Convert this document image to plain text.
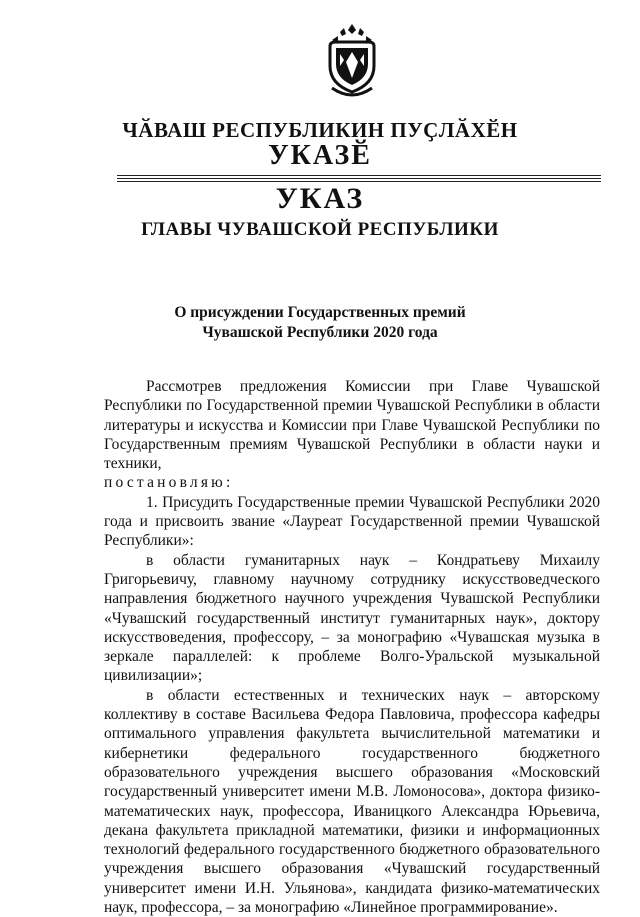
ЧӐВАШ РЕСПУБЛИКИН ПУҪЛӐХӖН
УКАЗӖ
УКАЗ
ГЛАВЫ ЧУВАШСКОЙ РЕСПУБЛИКИ
О присуждении Государственных премий
Чувашской Республики 2020 года

Рассмотрев предложения Комиссии при Главе Чувашской Республики по Государственной премии Чувашской Республики в области литературы и искусства и Комиссии при Главе Чувашской Республики по Государственным премиям Чувашской Республики в области науки и техники,
постановляю:

1. Присудить Государственные премии Чувашской Республики 2020 года и присвоить звание «Лауреат Государственной премии Чувашской Республики»:

в области гуманитарных наук – Кондратьеву Михаилу Григорьевичу, главному научному сотруднику искусствоведческого направления бюджетного научного учреждения Чувашской Республики «Чувашский государственный институт гуманитарных наук», доктору искусствоведения, профессору, – за монографию «Чувашская музыка в зеркале параллелей: к проблеме Волго-Уральской музыкальной цивилизации»;

в области естественных и технических наук – авторскому коллективу в составе Васильева Федора Павловича, профессора кафедры оптимального управления факультета вычислительной математики и кибернетики федерального государственного бюджетного образовательного учреждения высшего образования «Московский государственный университет имени М.В. Ломоносова», доктора физико-математических наук, профессора, Иваницкого Александра Юрьевича, декана факультета прикладной математики, физики и информационных технологий федерального государственного бюджетного образовательного учреждения высшего образования «Чувашский государственный университет имени И.Н. Ульянова», кандидата физико-математических наук, профессора, – за монографию «Линейное программирование».
